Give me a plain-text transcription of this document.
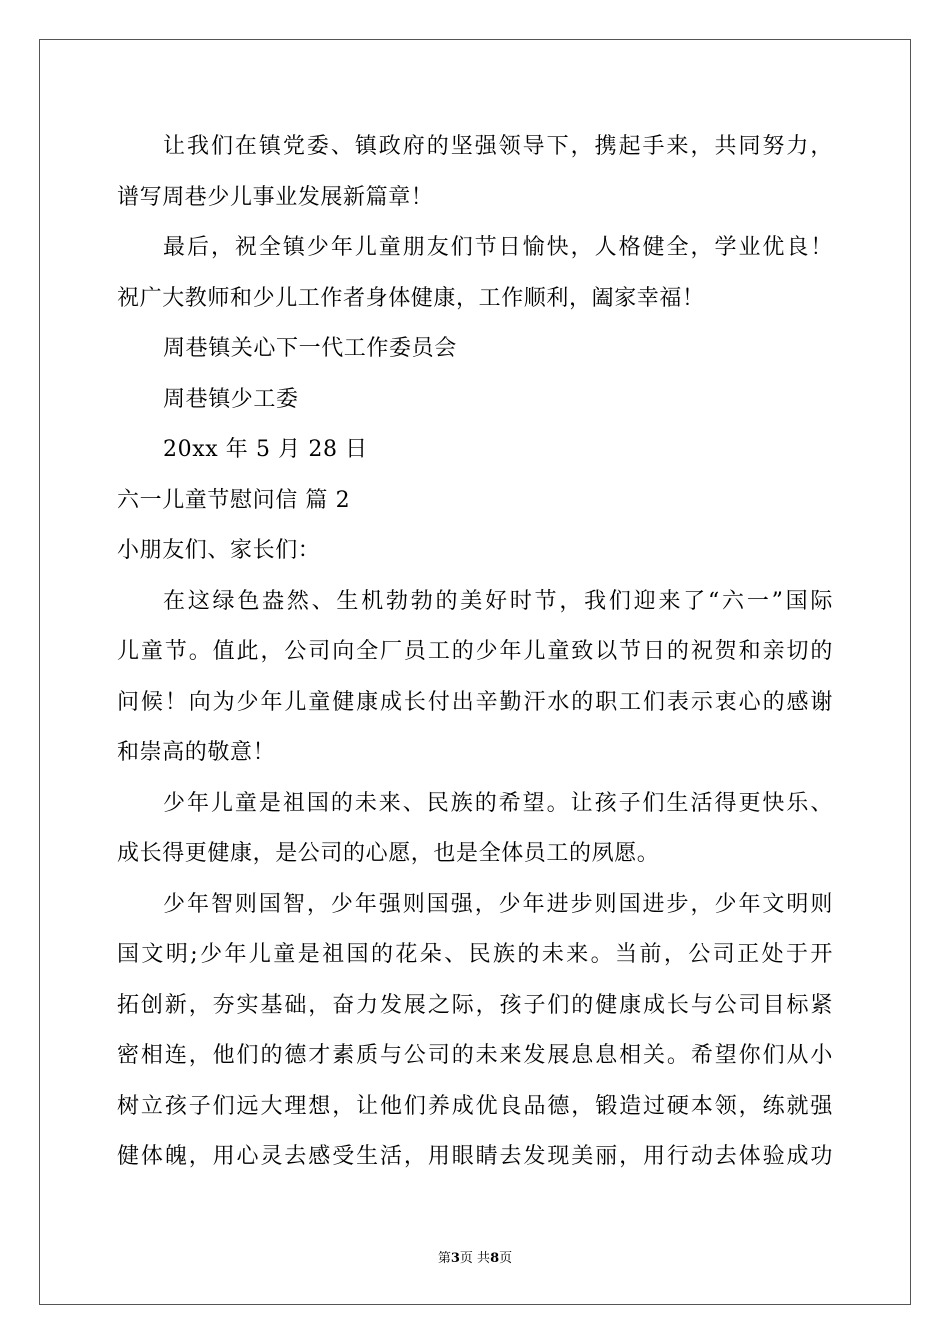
让我们在镇党委、镇政府的坚强领导下，携起手来，共同努力，
谱写周巷少儿事业发展新篇章！
最后，祝全镇少年儿童朋友们节日愉快，人格健全，学业优良！
祝广大教师和少儿工作者身体健康，工作顺利，阖家幸福！
周巷镇关心下一代工作委员会
周巷镇少工委
20xx 年 5 月 28 日
六一儿童节慰问信 篇 2
小朋友们、家长们：
在这绿色盎然、生机勃勃的美好时节，我们迎来了“六一”国际
儿童节。值此，公司向全厂员工的少年儿童致以节日的祝贺和亲切的
问候！向为少年儿童健康成长付出辛勤汗水的职工们表示衷心的感谢
和崇高的敬意！
少年儿童是祖国的未来、民族的希望。让孩子们生活得更快乐、
成长得更健康，是公司的心愿，也是全体员工的夙愿。
少年智则国智，少年强则国强，少年进步则国进步，少年文明则
国文明;少年儿童是祖国的花朵、民族的未来。当前，公司正处于开
拓创新，夯实基础，奋力发展之际，孩子们的健康成长与公司目标紧
密相连，他们的德才素质与公司的未来发展息息相关。希望你们从小
树立孩子们远大理想，让他们养成优良品德，锻造过硬本领，练就强
健体魄，用心灵去感受生活，用眼睛去发现美丽，用行动去体验成功
第3页 共8页
